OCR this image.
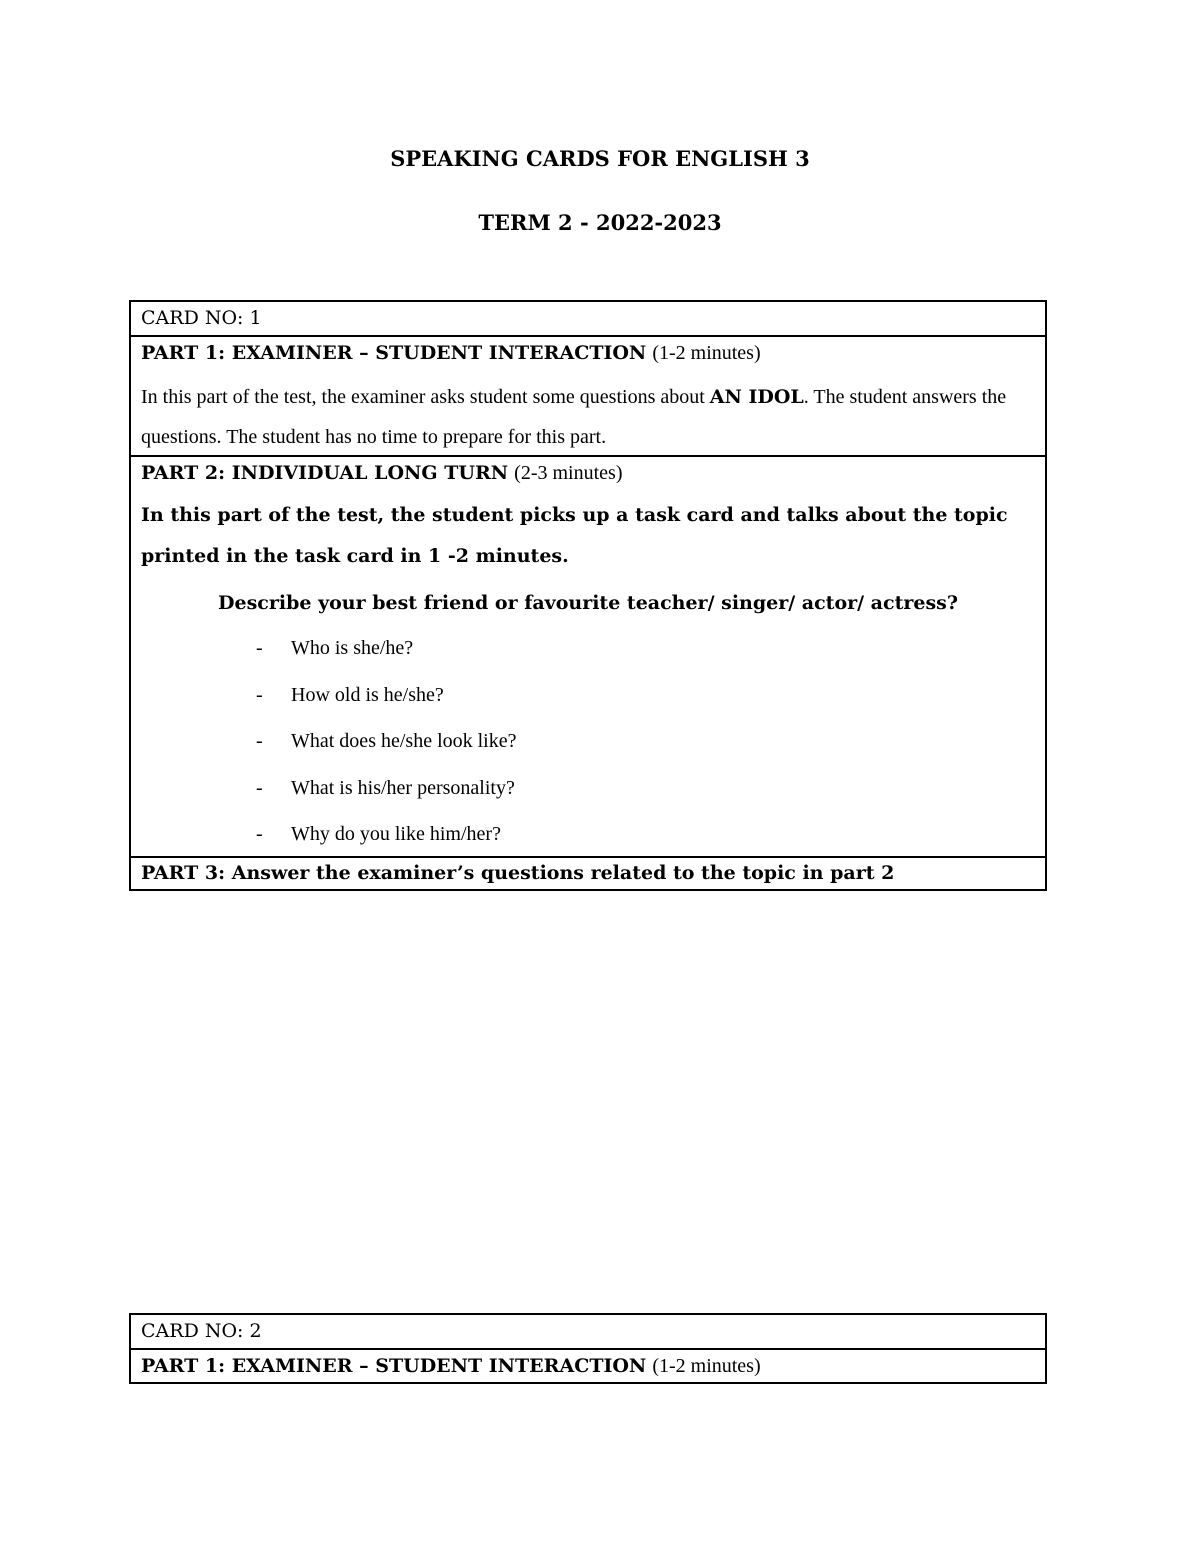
SPEAKING CARDS FOR ENGLISH 3
TERM 2 - 2022-2023
CARD NO: 1
PART 1: EXAMINER – STUDENT INTERACTION (1-2 minutes)

In this part of the test, the examiner asks student some questions about AN IDOL. The student answers the questions. The student has no time to prepare for this part.

PART 2: INDIVIDUAL LONG TURN (2-3 minutes)

In this part of the test, the student picks up a task card and talks about the topic printed in the task card in 1 -2 minutes.

Describe your best friend or favourite teacher/ singer/ actor/ actress?

- Who is she/he?
- How old is he/she?
- What does he/she look like?
- What is his/her personality?
- Why do you like him/her?
PART 3: Answer the examiner’s questions related to the topic in part 2
CARD NO: 2
PART 1: EXAMINER – STUDENT INTERACTION (1-2 minutes)
